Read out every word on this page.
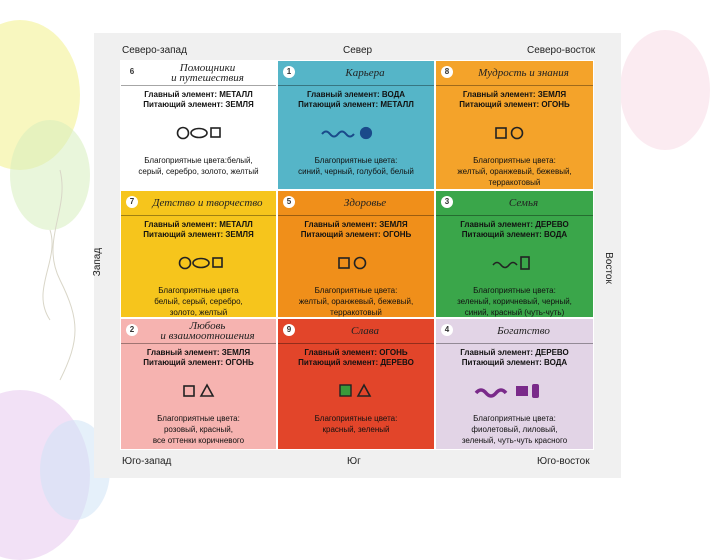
Северо-запад	Север	Северо-восток
Запад	Восток
Юго-запад	Юг	Юго-восток
6	Помощники
и путешествия
Главный элемент: МЕТАЛЛ
Питающий элемент: ЗЕМЛЯ
Благоприятные цвета:белый,
серый, серебро, золото, желтый
1	Карьера
Главный элемент: ВОДА
Питающий элемент: МЕТАЛЛ
Благоприятные цвета:
синий, черный, голубой, белый
8	Мудрость и знания
Главный элемент: ЗЕМЛЯ
Питающий элемент: ОГОНЬ
Благоприятные цвета:
желтый, оранжевый, бежевый,
терракотовый
7	Детство и творчество
Главный элемент: МЕТАЛЛ
Питающий элемент: ЗЕМЛЯ
Благоприятные цвета
белый, серый, серебро,
золото, желтый
5	Здоровье
Главный элемент: ЗЕМЛЯ
Питающий элемент: ОГОНЬ
Благоприятные цвета:
желтый, оранжевый, бежевый,
терракотовый
3	Семья
Главный элемент: ДЕРЕВО
Питающий элемент: ВОДА
Благоприятные цвета:
зеленый, коричневый, черный,
синий, красный (чуть-чуть)
2	Любовь
и взаимоотношения
Главный элемент: ЗЕМЛЯ
Питающий элемент: ОГОНЬ
Благоприятные цвета:
розовый, красный,
все оттенки коричневого
9	Слава
Главный элемент: ОГОНЬ
Питающий элемент: ДЕРЕВО
Благоприятные цвета:
красный, зеленый
4	Богатство
Главный элемент: ДЕРЕВО
Питающий элемент: ВОДА
Благоприятные цвета:
фиолетовый, лиловый,
зеленый, чуть-чуть красного
